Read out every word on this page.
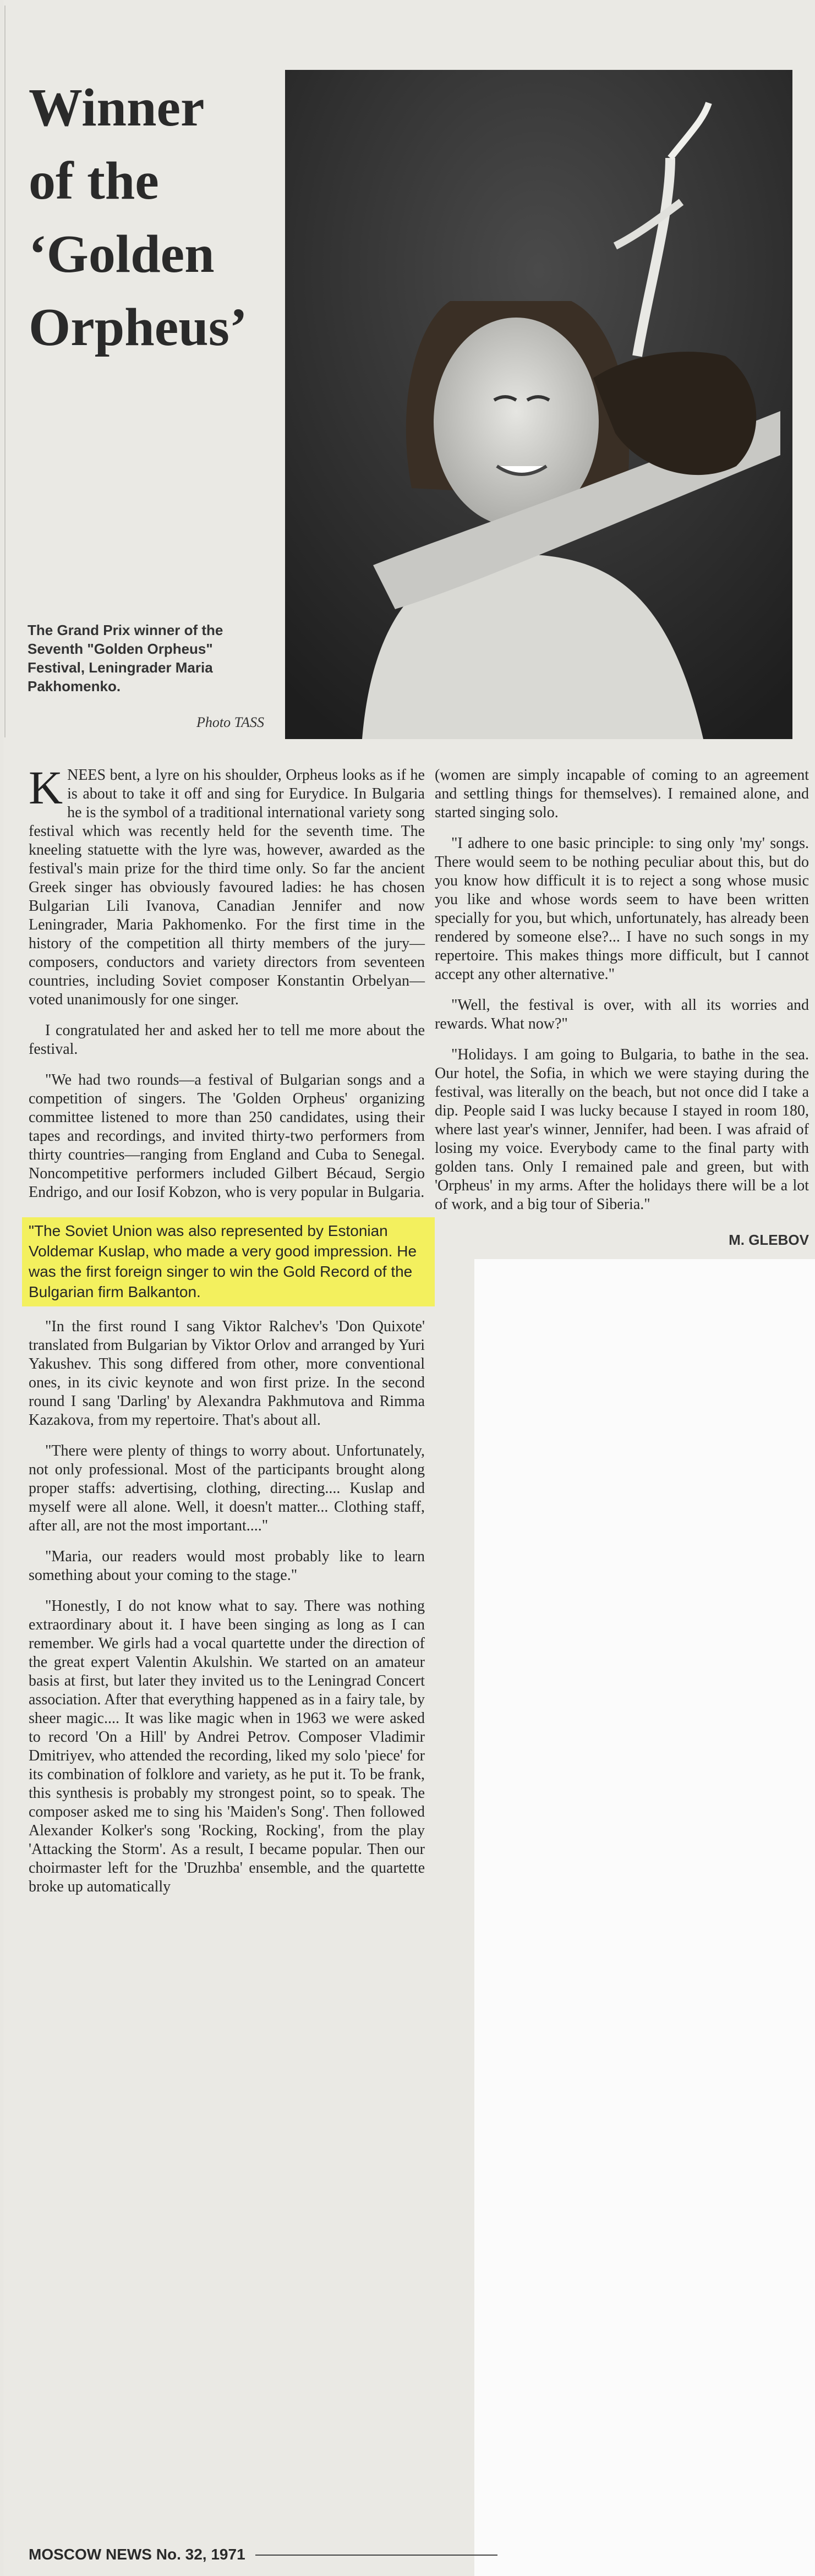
Winner
of the
‘Golden
Orpheus’
The Grand Prix winner of the Seventh "Golden Orpheus" Festival, Leningrader Maria Pakhomenko.
Photo TASS

KNEES bent, a lyre on his shoulder, Orpheus looks as if he is about to take it off and sing for Eurydice. In Bulgaria he is the symbol of a traditional international variety song festival which was recently held for the seventh time. The kneeling statuette with the lyre was, however, awarded as the festival's main prize for the third time only. So far the ancient Greek singer has obviously favoured ladies: he has chosen Bulgarian Lili Ivanova, Canadian Jennifer and now Leningrader, Maria Pakhomenko. For the first time in the history of the competition all thirty members of the jury—composers, conductors and variety directors from seventeen countries, including Soviet composer Konstantin Orbelyan—voted unanimously for one singer.

I congratulated her and asked her to tell me more about the festival.

"We had two rounds—a festival of Bulgarian songs and a competition of singers. The 'Golden Orpheus' organizing committee listened to more than 250 candidates, using their tapes and recordings, and invited thirty-two performers from thirty countries—ranging from England and Cuba to Senegal. Noncompetitive performers included Gilbert Bécaud, Sergio Endrigo, and our Iosif Kobzon, who is very popular in Bulgaria.

"The Soviet Union was also represented by Estonian Voldemar Kuslap, who made a very good impression. He was the first foreign singer to win the Gold Record of the Bulgarian firm Balkanton.

"In the first round I sang Viktor Ralchev's 'Don Quixote' translated from Bulgarian by Viktor Orlov and arranged by Yuri Yakushev. This song differed from other, more conventional ones, in its civic keynote and won first prize. In the second round I sang 'Darling' by Alexandra Pakhmutova and Rimma Kazakova, from my repertoire. That's about all.

"There were plenty of things to worry about. Unfortunately, not only professional. Most of the participants brought along proper staffs: advertising, clothing, directing.... Kuslap and myself were all alone. Well, it doesn't matter... Clothing staff, after all, are not the most important...."

"Maria, our readers would most probably like to learn something about your coming to the stage."

"Honestly, I do not know what to say. There was nothing extraordinary about it. I have been singing as long as I can remember. We girls had a vocal quartette under the direction of the great expert Valentin Akulshin. We started on an amateur basis at first, but later they invited us to the Leningrad Concert association. After that everything happened as in a fairy tale, by sheer magic.... It was like magic when in 1963 we were asked to record 'On a Hill' by Andrei Petrov. Composer Vladimir Dmitriyev, who attended the recording, liked my solo 'piece' for its combination of folklore and variety, as he put it. To be frank, this synthesis is probably my strongest point, so to speak. The composer asked me to sing his 'Maiden's Song'. Then followed Alexander Kolker's song 'Rocking, Rocking', from the play 'Attacking the Storm'. As a result, I became popular. Then our choirmaster left for the 'Druzhba' ensemble, and the quartette broke up automatically

(women are simply incapable of coming to an agreement and settling things for themselves). I remained alone, and started singing solo.

"I adhere to one basic principle: to sing only 'my' songs. There would seem to be nothing peculiar about this, but do you know how difficult it is to reject a song whose music you like and whose words seem to have been written specially for you, but which, unfortunately, has already been rendered by someone else?... I have no such songs in my repertoire. This makes things more difficult, but I cannot accept any other alternative."

"Well, the festival is over, with all its worries and rewards. What now?"

"Holidays. I am going to Bulgaria, to bathe in the sea. Our hotel, the Sofia, in which we were staying during the festival, was literally on the beach, but not once did I take a dip. People said I was lucky because I stayed in room 180, where last year's winner, Jennifer, had been. I was afraid of losing my voice. Everybody came to the final party with golden tans. Only I remained pale and green, but with 'Orpheus' in my arms. After the holidays there will be a lot of work, and a big tour of Siberia."

M. GLEBOV
MOSCOW NEWS No. 32, 1971
